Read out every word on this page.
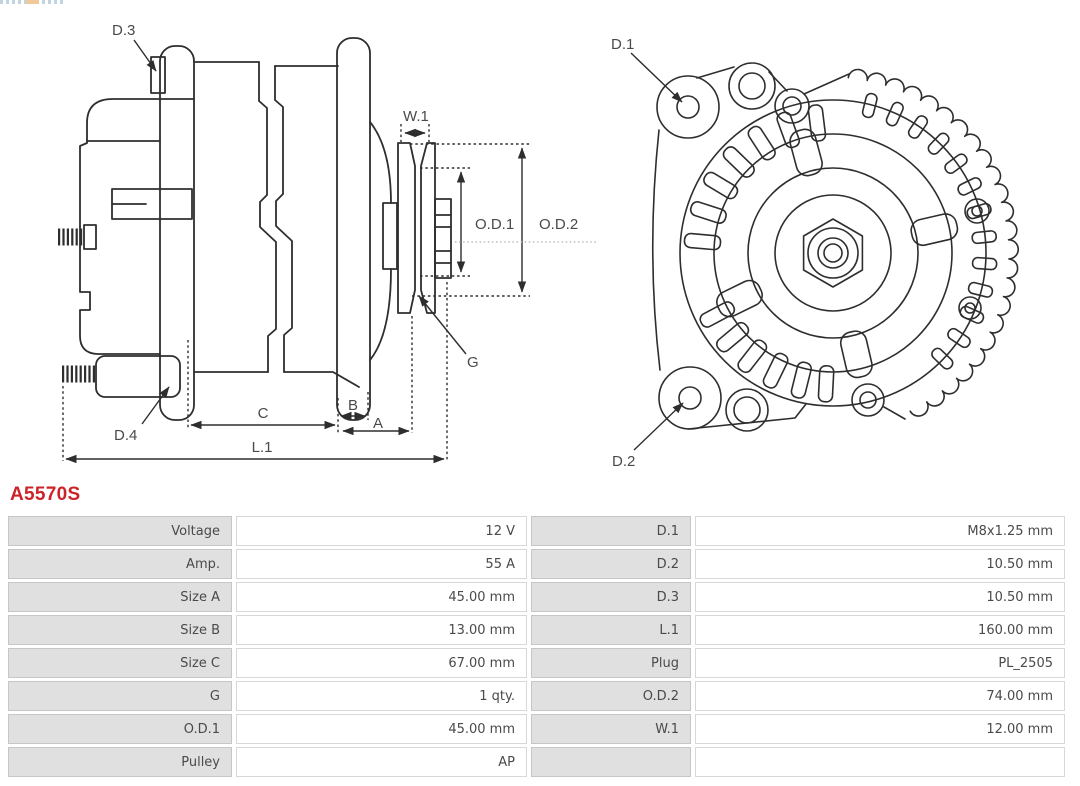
D.3
W.1
O.D.1 O.D.2
G
D.4
C	B
A
L.1
D.1
D.2
A5570S
Voltage	12 V	D.1	M8x1.25 mm
Amp.	55 A	D.2	10.50 mm
Size A	45.00 mm	D.3	10.50 mm
Size B	13.00 mm	L.1	160.00 mm
Size C	67.00 mm	Plug	PL_2505
G	1 qty.	O.D.2	74.00 mm
O.D.1	45.00 mm	W.1	12.00 mm
Pulley	AP
